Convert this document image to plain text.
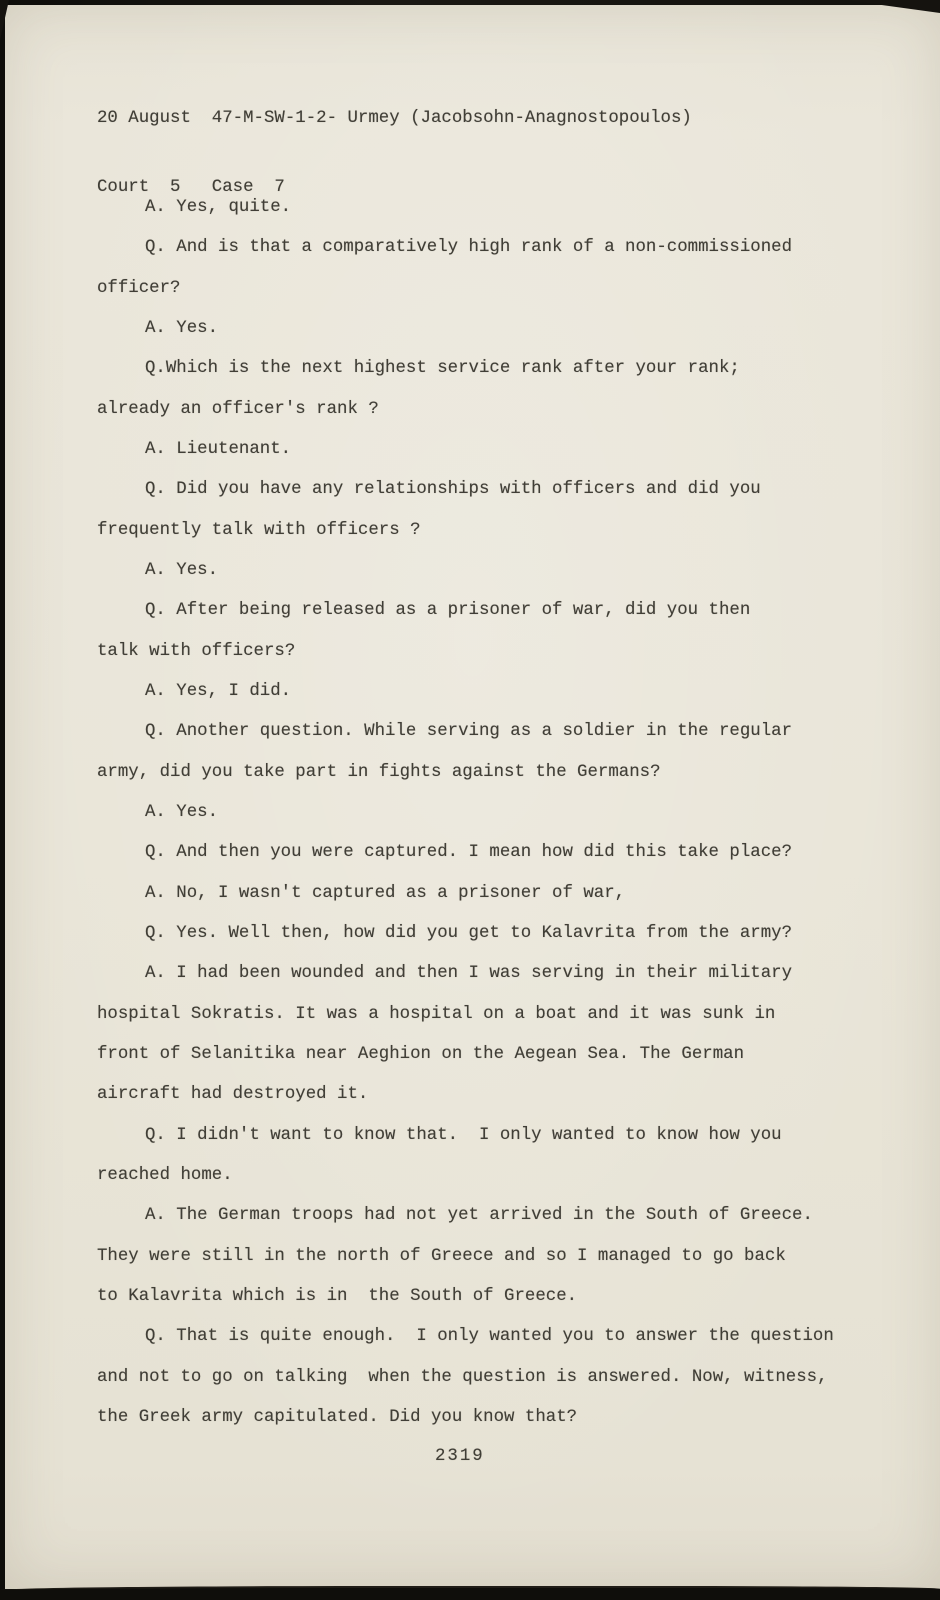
20 August  47-M-SW-1-2- Urmey (Jacobsohn-Anagnostopoulos)

Court  5   Case  7

A. Yes, quite.
Q. And is that a comparatively high rank of a non-commissioned
officer?
A. Yes.
Q.Which is the next highest service rank after your rank;
already an officer's rank ?
A. Lieutenant.
Q. Did you have any relationships with officers and did you
frequently talk with officers ?
A. Yes.
Q. After being released as a prisoner of war, did you then
talk with officers?
A. Yes, I did.
Q. Another question. While serving as a soldier in the regular
army, did you take part in fights against the Germans?
A. Yes.
Q. And then you were captured. I mean how did this take place?
A. No, I wasn't captured as a prisoner of war,
Q. Yes. Well then, how did you get to Kalavrita from the army?
A. I had been wounded and then I was serving in their military
hospital Sokratis. It was a hospital on a boat and it was sunk in
front of Selanitika near Aeghion on the Aegean Sea. The German
aircraft had destroyed it.
Q. I didn't want to know that.  I only wanted to know how you
reached home.
A. The German troops had not yet arrived in the South of Greece.
They were still in the north of Greece and so I managed to go back
to Kalavrita which is in  the South of Greece.
Q. That is quite enough.  I only wanted you to answer the question
and not to go on talking  when the question is answered. Now, witness,
the Greek army capitulated. Did you know that?
2319
